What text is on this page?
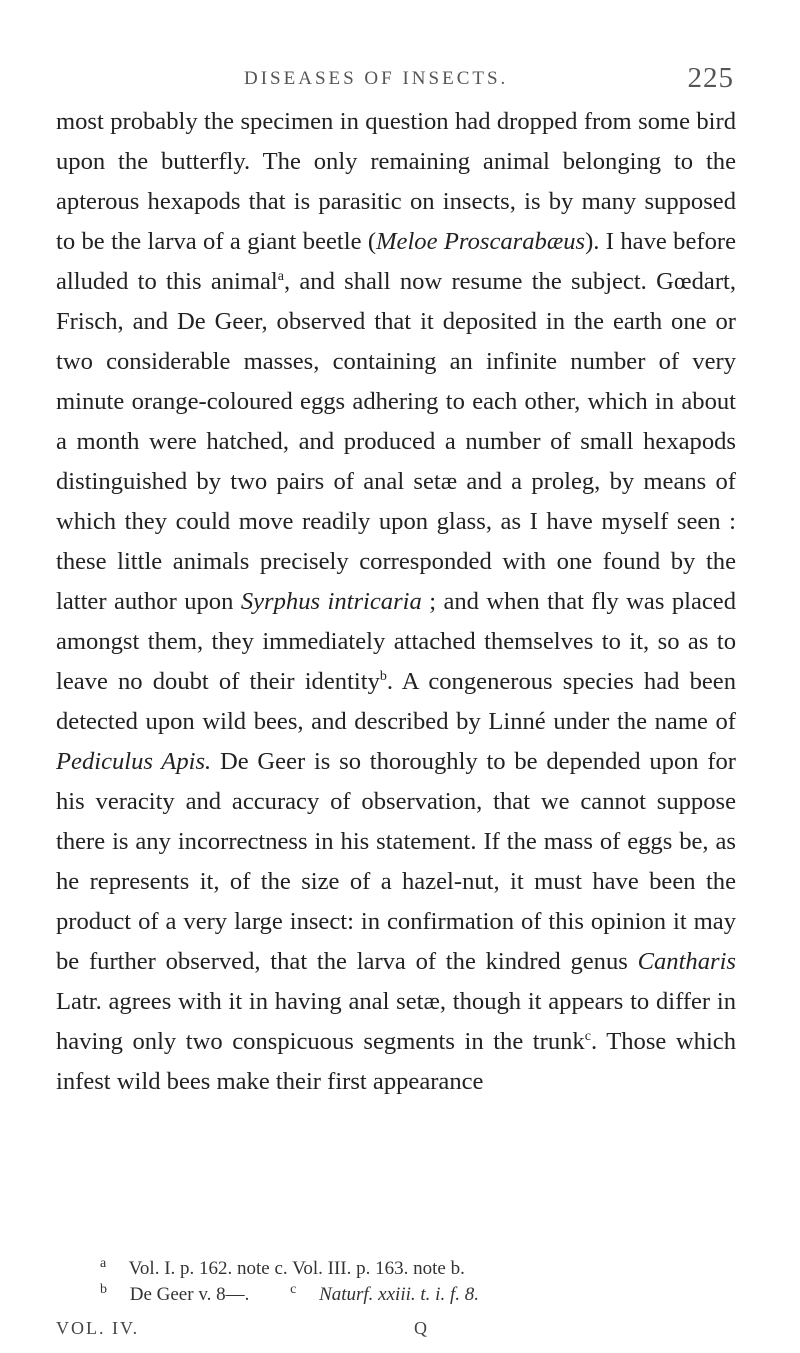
DISEASES OF INSECTS.	225

most probably the specimen in question had dropped from some bird upon the butterfly. The only remaining animal belonging to the apterous hexapods that is parasitic on insects, is by many supposed to be the larva of a giant beetle (Meloe Proscarabæus). I have before alluded to this animal$^a$, and shall now resume the subject. Gœdart, Frisch, and De Geer, observed that it deposited in the earth one or two considerable masses, containing an infinite number of very minute orange-coloured eggs adhering to each other, which in about a month were hatched, and produced a number of small hexapods distinguished by two pairs of anal setæ and a proleg, by means of which they could move readily upon glass, as I have myself seen : these little animals precisely corresponded with one found by the latter author upon Syrphus intricaria ; and when that fly was placed amongst them, they immediately attached themselves to it, so as to leave no doubt of their identity$^b$. A congenerous species had been detected upon wild bees, and described by Linné under the name of Pediculus Apis. De Geer is so thoroughly to be depended upon for his veracity and accuracy of observation, that we cannot suppose there is any incorrectness in his statement. If the mass of eggs be, as he represents it, of the size of a hazel-nut, it must have been the product of a very large insect: in confirmation of this opinion it may be further observed, that the larva of the kindred genus Cantharis Latr. agrees with it in having anal setæ, though it appears to differ in having only two conspicuous segments in the trunk$^c$. Those which infest wild bees make their first appearance

$^a$ Vol. I. p. 162. note c. Vol. III. p. 163. note b.
$^b$ De Geer v. 8—.	$^c$ Naturf. xxiii. t. i. f. 8.
VOL. IV.	Q
